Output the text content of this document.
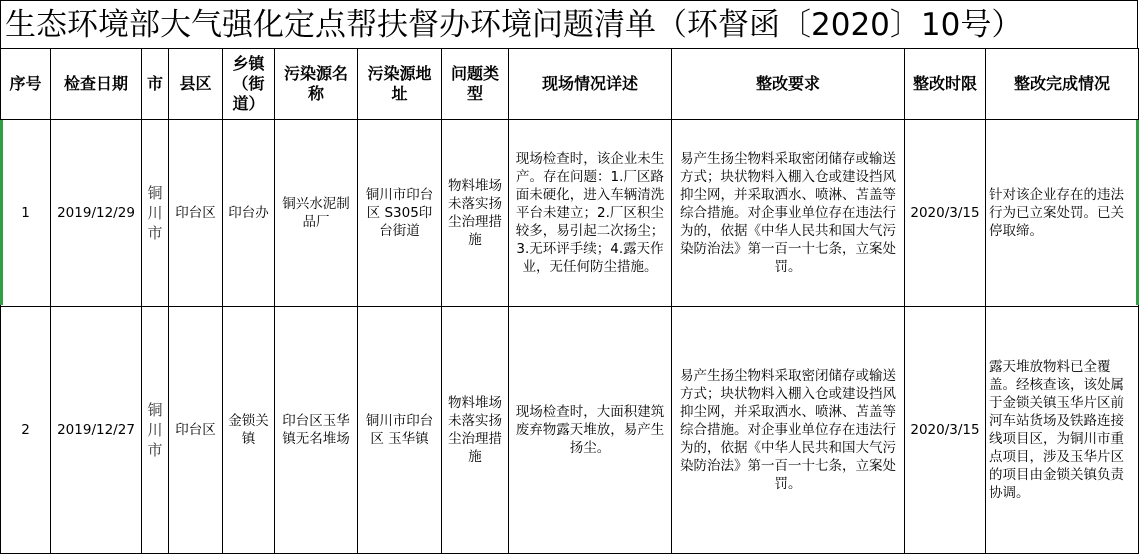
生态环境部大气强化定点帮扶督办环境问题清单（环督函〔2020〕10号）
序号	检查日期	市	县区	乡镇（街道）	污染源名称	污染源地址	问题类型	现场情况详述	整改要求	整改时限	整改完成情况
1	2019/12/29	铜川市	印台区	印台办	铜兴水泥制品厂	铜川市印台区 S305印台街道	物料堆场未落实扬尘治理措施	现场检查时，该企业未生产。存在问题：1.厂区路面未硬化，进入车辆清洗平台未建立；2.厂区积尘较多，易引起二次扬尘；3.无环评手续；4.露天作业，无任何防尘措施。	易产生扬尘物料采取密闭储存或输送方式；块状物料入棚入仓或建设挡风抑尘网，并采取洒水、喷淋、苫盖等综合措施。对企事业单位存在违法行为的，依据《中华人民共和国大气污染防治法》第一百一十七条，立案处罚。	2020/3/15	针对该企业存在的违法行为已立案处罚。已关停取缔。
2	2019/12/27	铜川市	印台区	金锁关镇	印台区玉华镇无名堆场	铜川市印台区 玉华镇	物料堆场未落实扬尘治理措施	现场检查时，大面积建筑废弃物露天堆放，易产生扬尘。	易产生扬尘物料采取密闭储存或输送方式；块状物料入棚入仓或建设挡风抑尘网，并采取洒水、喷淋、苫盖等综合措施。对企事业单位存在违法行为的，依据《中华人民共和国大气污染防治法》第一百一十七条，立案处罚。	2020/3/15	露天堆放物料已全覆盖。经核查该，该处属于金锁关镇玉华片区前河车站货场及铁路连接线项目区，为铜川市重点项目，涉及玉华片区的项目由金锁关镇负责协调。
